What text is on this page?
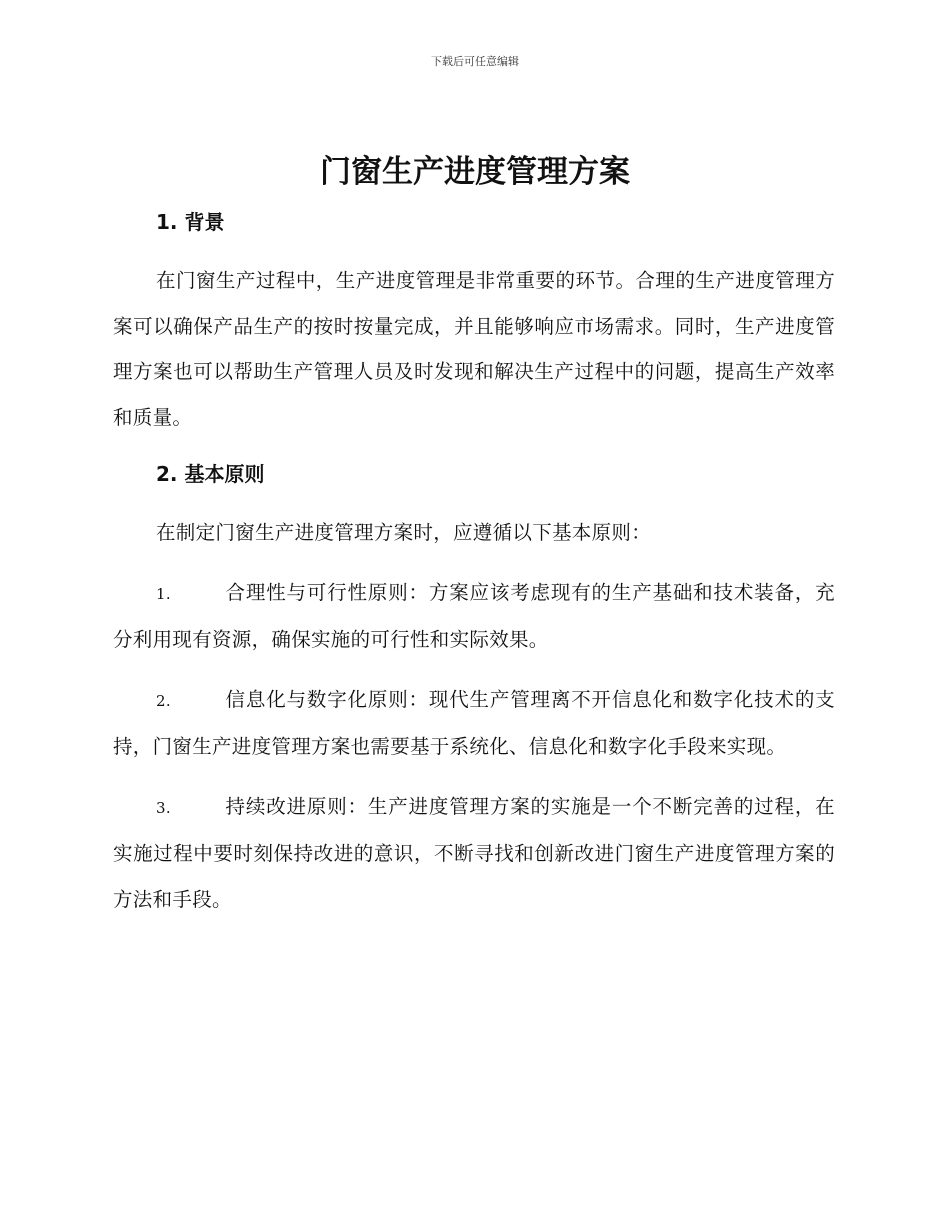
下载后可任意编辑
门窗生产进度管理方案
1. 背景

在门窗生产过程中，生产进度管理是非常重要的环节。合理的生产进度管理方案可以确保产品生产的按时按量完成，并且能够响应市场需求。同时，生产进度管理方案也可以帮助生产管理人员及时发现和解决生产过程中的问题，提高生产效率和质量。

2. 基本原则

在制定门窗生产进度管理方案时，应遵循以下基本原则：

1.	合理性与可行性原则：方案应该考虑现有的生产基础和技术装备，充分利用现有资源，确保实施的可行性和实际效果。

2.	信息化与数字化原则：现代生产管理离不开信息化和数字化技术的支持，门窗生产进度管理方案也需要基于系统化、信息化和数字化手段来实现。

3.	持续改进原则：生产进度管理方案的实施是一个不断完善的过程，在实施过程中要时刻保持改进的意识，不断寻找和创新改进门窗生产进度管理方案的方法和手段。
